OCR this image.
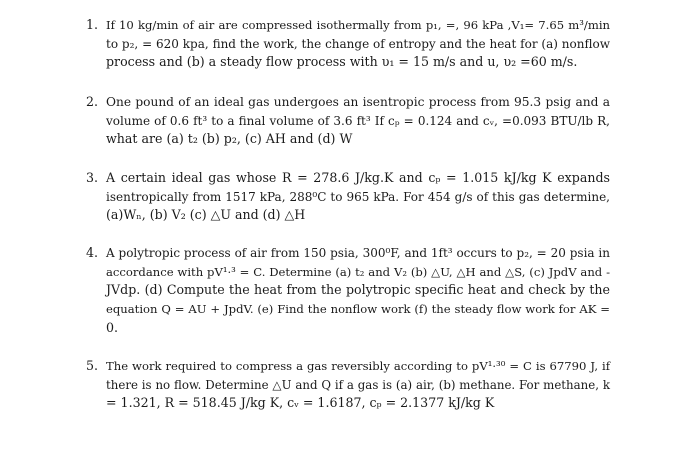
1. If 10 kg/min of air are compressed isothermally from p₁, =, 96 kPa ,V₁= 7.65 m³/min
to p₂, = 620 kpa, find the work, the change of entropy and the heat for (a) nonflow
process and (b) a steady flow process with υ₁ = 15 m/s and u, υ₂ =60 m/s.
2. One pound of an ideal gas undergoes an isentropic process from 95.3 psig and a
volume of 0.6 ft³ to a final volume of 3.6 ft³ If cₚ = 0.124 and cᵥ, =0.093 BTU/lb R,
what are (a) t₂ (b) p₂, (c) AH and (d) W
3. A certain ideal gas whose R = 278.6 J/kg.K and cₚ = 1.015 kJ/kg K expands
isentropically from 1517 kPa, 288⁰C to 965 kPa. For 454 g/s of this gas determine,
(a)Wₙ, (b) V₂ (c) △U and (d) △H
4. A polytropic process of air from 150 psia, 300⁰F, and 1ft³ occurs to p₂, = 20 psia in
accordance with pV¹·³ = C. Determine (a) t₂ and V₂ (b) △U, △H and △S, (c) JpdV and -
JVdp. (d) Compute the heat from the polytropic specific heat and check by the
equation Q = AU + JpdV. (e) Find the nonflow work (f) the steady flow work for AK =
0.
5. The work required to compress a gas reversibly according to pV¹·³⁰ = C is 67790 J, if
there is no flow. Determine △U and Q if a gas is (a) air, (b) methane. For methane, k
= 1.321, R = 518.45 J/kg K, cᵥ = 1.6187, cₚ = 2.1377 kJ/kg K
